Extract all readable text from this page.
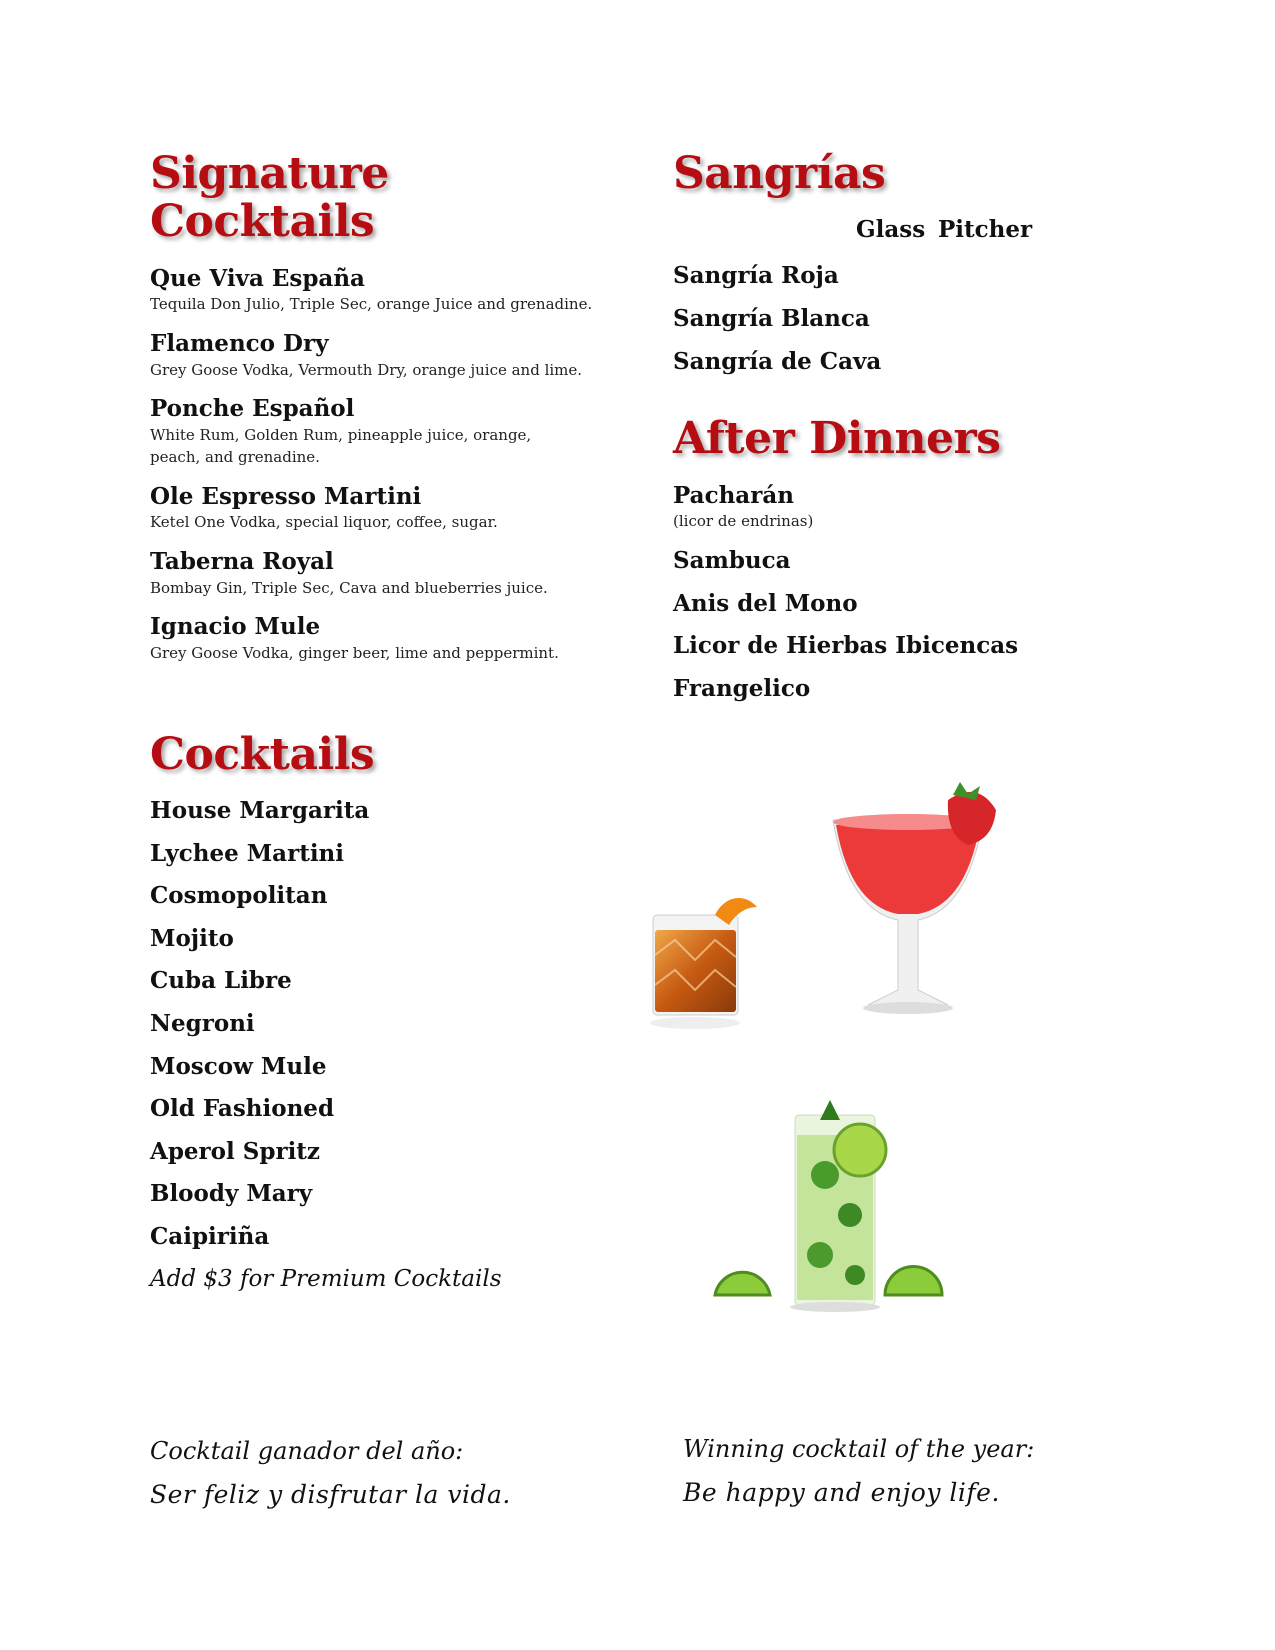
Signature Cocktails

Que Viva España

Tequila Don Julio, Triple Sec, orange Juice and grenadine.

Flamenco Dry

Grey Goose Vodka, Vermouth Dry, orange juice and lime.

Ponche Español

White Rum, Golden Rum, pineapple juice, orange, peach, and grenadine.

Ole Espresso Martini

Ketel One Vodka, special liquor, coffee, sugar.

Taberna Royal

Bombay Gin, Triple Sec, Cava and blueberries juice.

Ignacio Mule

Grey Goose Vodka, ginger beer, lime and peppermint.

Cocktails

House Margarita

Lychee Martini

Cosmopolitan

Mojito

Cuba Libre

Negroni

Moscow Mule

Old Fashioned

Aperol Spritz

Bloody Mary

Caipiriña

Add $3 for Premium Cocktails

Sangrías
Glass Pitcher

Sangría Roja

Sangría Blanca

Sangría de Cava

After Dinners

Pacharán

(licor de endrinas)

Sambuca

Anis del Mono

Licor de Hierbas Ibicencas

Frangelico

Cocktail ganador del año:
Ser feliz y disfrutar la vida.
Winning cocktail of the year:
Be happy and enjoy life.
